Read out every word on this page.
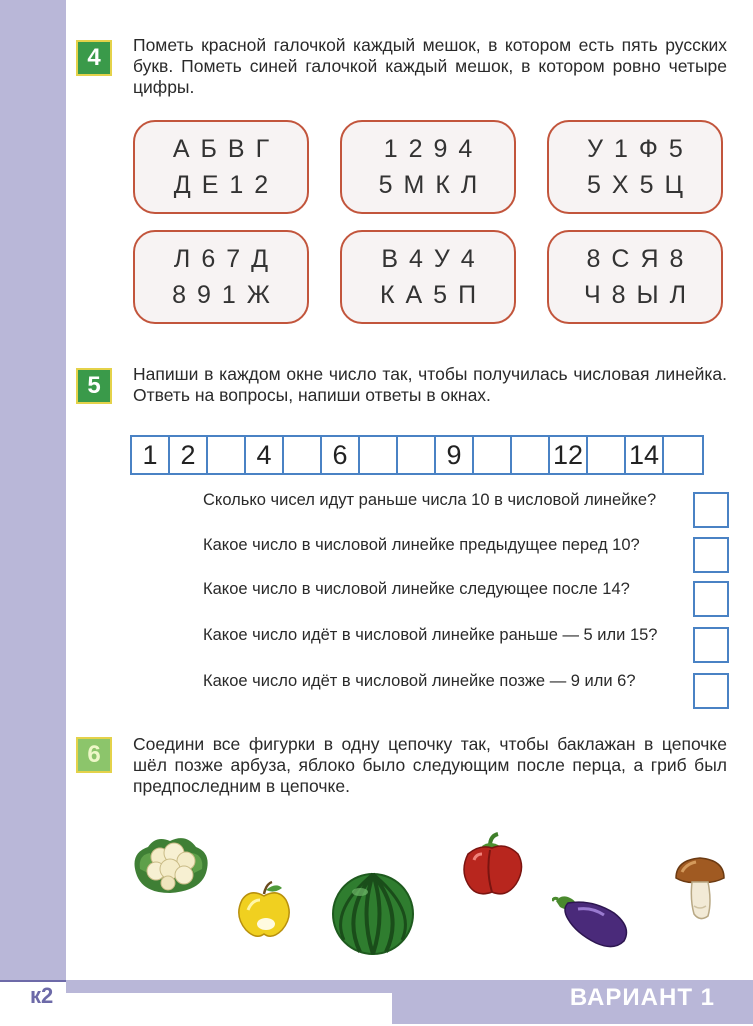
к2	ВАРИАНТ 1
4	Пометь красной галочкой каждый мешок, в котором есть пять русских букв. Пометь синей галочкой каждый мешок, в котором ровно четыре цифры.
АБВГ
ДЕ12
1294
5МКЛ
У1Ф5
5Х5Ц
Л67Д
891Ж
В4У4
КА5П
8СЯ8
Ч8ЫЛ
5	Напиши в каждом окне число так, чтобы получилась числовая линейка. Ответь на вопросы, напиши ответы в окнах.
1 2	4	6	9	12 14
Сколько чисел идут раньше числа 10 в числовой линейке?
Какое число в числовой линейке предыдущее перед 10?
Какое число в числовой линейке следующее после 14?
Какое число идёт в числовой линейке раньше — 5 или 15?
Какое число идёт в числовой линейке позже — 9 или 6?
6	Соедини все фигурки в одну цепочку так, чтобы баклажан в цепочке шёл позже арбуза, яблоко было следующим после перца, а гриб был предпоследним в цепочке.
